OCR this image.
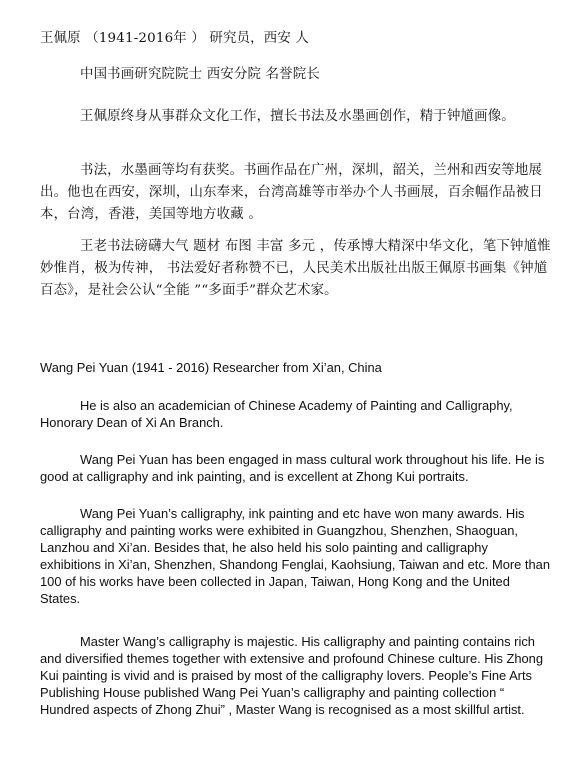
王佩原 （1941-2016年 ） 研究员，西安 人

中国书画研究院院士 西安分院 名誉院长

王佩原终身从事群众文化工作，擅长书法及水墨画创作，精于钟馗画像。

书法，水墨画等均有获奖。书画作品在广州，深圳，韶关，兰州和西安等地展出。他也在西安，深圳，山东奉来，台湾高雄等市举办个人书画展，百余幅作品被日本，台湾，香港，美国等地方收藏 。

王老书法磅礴大气 题材 布图 丰富 多元 ，传承博大精深中华文化，笔下钟馗惟妙惟肖，极为传神， 书法爱好者称赞不已，人民美术出版社出版王佩原书画集《钟馗百态》，是社会公认“全能 ”“多面手”群众艺术家。

Wang Pei Yuan (1941 - 2016) Researcher from Xi’an, China

He is also an academician of Chinese Academy of Painting and Calligraphy, Honorary Dean of Xi An Branch.

Wang Pei Yuan has been engaged in mass cultural work throughout his life. He is good at calligraphy and ink painting, and is excellent at Zhong Kui portraits.

Wang Pei Yuan’s calligraphy, ink painting and etc have won many awards. His calligraphy and painting works were exhibited in Guangzhou, Shenzhen, Shaoguan, Lanzhou and Xi’an. Besides that, he also held his solo painting and calligraphy exhibitions in Xi’an, Shenzhen, Shandong Fenglai, Kaohsiung, Taiwan and etc. More than 100 of his works have been collected in Japan, Taiwan, Hong Kong and the United States.

Master Wang’s calligraphy is majestic. His calligraphy and painting contains rich and diversified themes together with extensive and profound Chinese culture. His Zhong Kui painting is vivid and is praised by most of the calligraphy lovers. People’s Fine Arts Publishing House published Wang Pei Yuan’s calligraphy and painting collection “ Hundred aspects of Zhong Zhui” , Master Wang is recognised as a most skillful artist.
